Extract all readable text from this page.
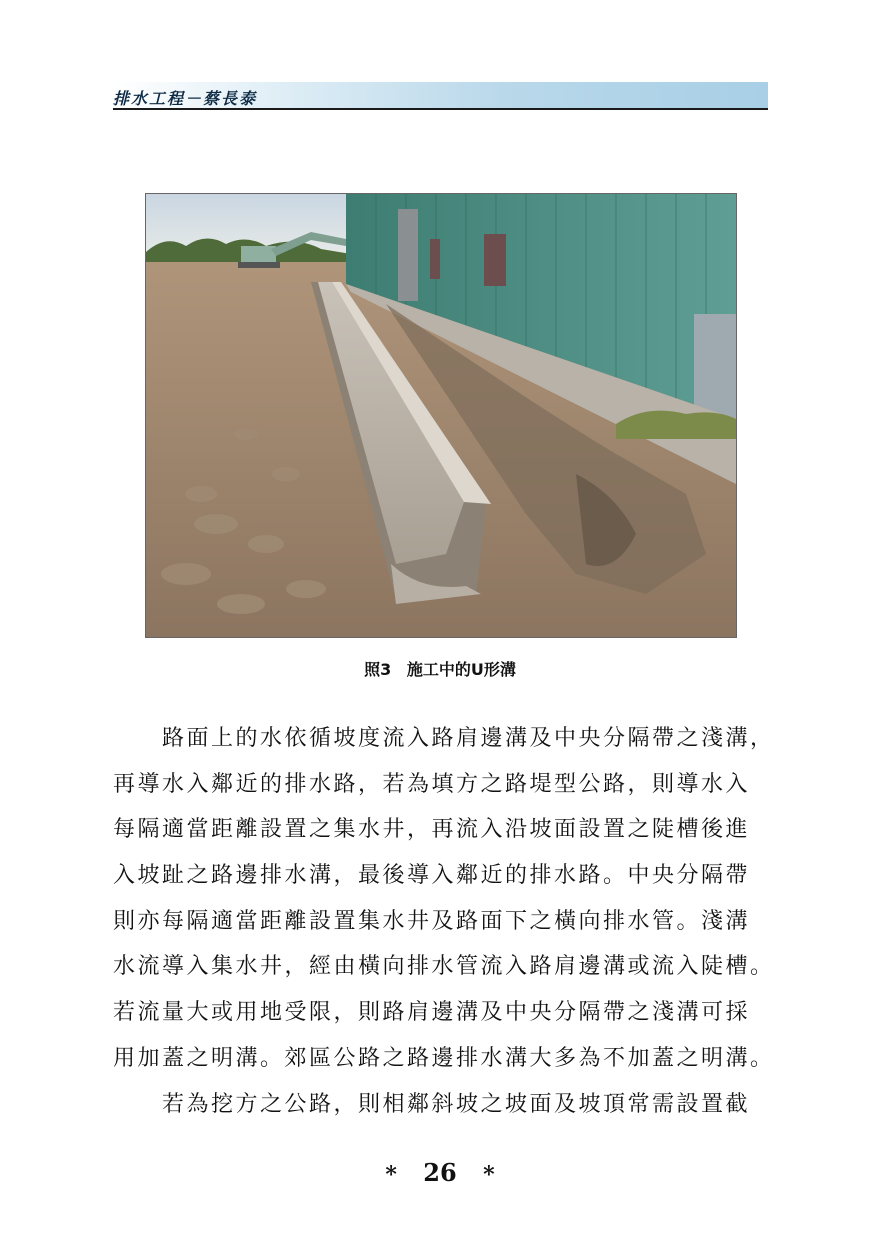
排水工程－蔡長泰
照3 施工中的U形溝
　　路面上的水依循坡度流入路肩邊溝及中央分隔帶之淺溝，
再導水入鄰近的排水路，若為填方之路堤型公路，則導水入
每隔適當距離設置之集水井，再流入沿坡面設置之陡槽後進
入坡趾之路邊排水溝，最後導入鄰近的排水路。中央分隔帶
則亦每隔適當距離設置集水井及路面下之橫向排水管。淺溝
水流導入集水井，經由橫向排水管流入路肩邊溝或流入陡槽。
若流量大或用地受限，則路肩邊溝及中央分隔帶之淺溝可採
用加蓋之明溝。郊區公路之路邊排水溝大多為不加蓋之明溝。
　　若為挖方之公路，則相鄰斜坡之坡面及坡頂常需設置截
* 26 *
